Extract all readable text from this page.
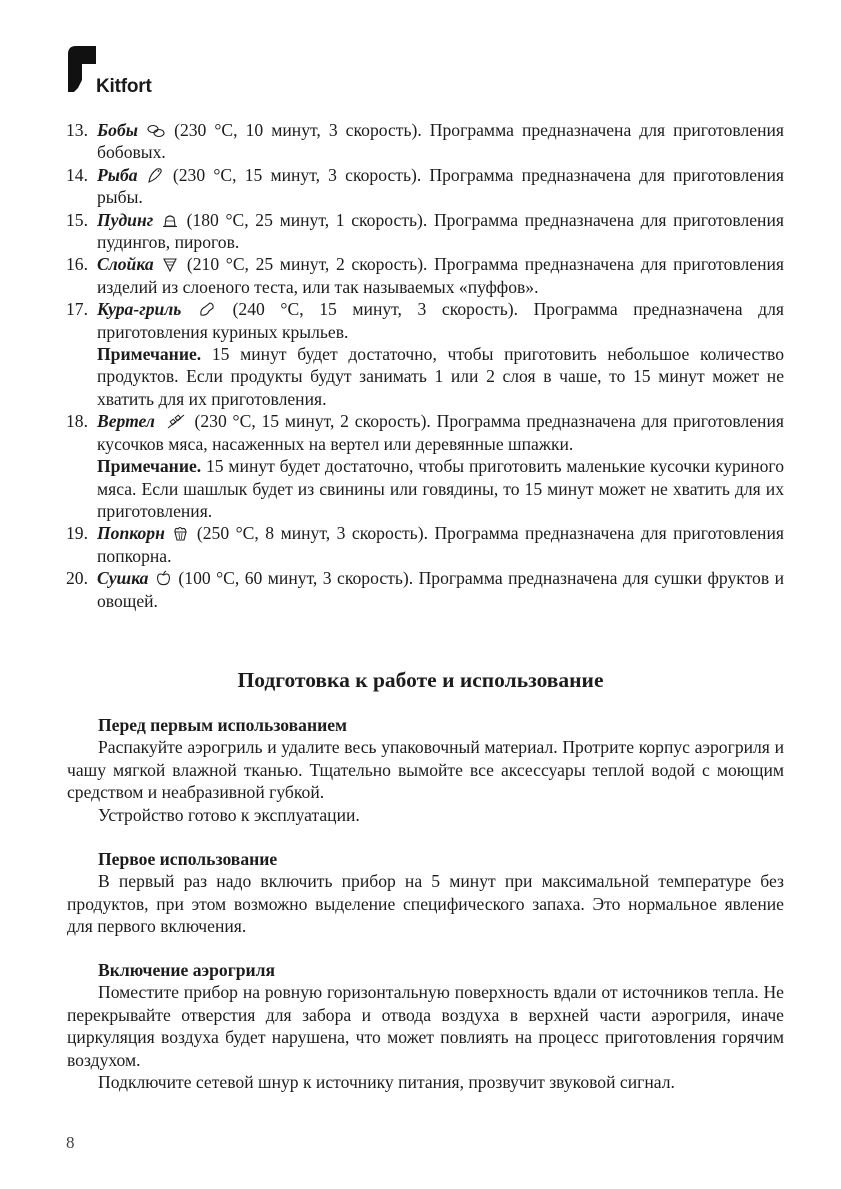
Kitfort
13. Бобы (230 °C, 10 минут, 3 скорость). Программа предназначена для приготовления бобовых.
14. Рыба (230 °C, 15 минут, 3 скорость). Программа предназначена для приготовления рыбы.
15. Пудинг (180 °C, 25 минут, 1 скорость). Программа предназначена для приготовления пудингов, пирогов.
16. Слойка (210 °C, 25 минут, 2 скорость). Программа предназначена для приготовления изделий из слоеного теста, или так называемых «пуффов».
17. Кура-гриль	(240 °C, 15 минут, 3 скорость). Программа предназначена для приготовления куриных крыльев.
Примечание. 15 минут будет достаточно, чтобы приготовить небольшое количество продуктов. Если продукты будут занимать 1 или 2 слоя в чаше, то 15 минут может не хватить для их приготовления.
18. Вертел (230 °C, 15 минут, 2 скорость). Программа предназначена для приготовления кусочков мяса, насаженных на вертел или деревянные шпажки.
Примечание. 15 минут будет достаточно, чтобы приготовить маленькие кусочки куриного мяса. Если шашлык будет из свинины или говядины, то 15 минут может не хватить для их приготовления.
19. Попкорн (250 °C, 8 минут, 3 скорость). Программа предназначена для приготовления попкорна.
20. Сушка (100 °C, 60 минут, 3 скорость). Программа предназначена для сушки фруктов и овощей.
Подготовка к работе и использование
Перед первым использованием

Распакуйте аэрогриль и удалите весь упаковочный материал. Протрите корпус аэрогриля и чашу мягкой влажной тканью. Тщательно вымойте все аксессуары теплой водой с моющим средством и неабразивной губкой.

Устройство готово к эксплуатации.

Первое использование

В первый раз надо включить прибор на 5 минут при максимальной температуре без продуктов, при этом возможно выделение специфического запаха. Это нормальное явление для первого включения.

Включение аэрогриля

Поместите прибор на ровную горизонтальную поверхность вдали от источников тепла. Не перекрывайте отверстия для забора и отвода воздуха в верхней части аэрогриля, иначе циркуляция воздуха будет нарушена, что может повлиять на процесс приготовления горячим воздухом.

Подключите сетевой шнур к источнику питания, прозвучит звуковой сигнал.

8
